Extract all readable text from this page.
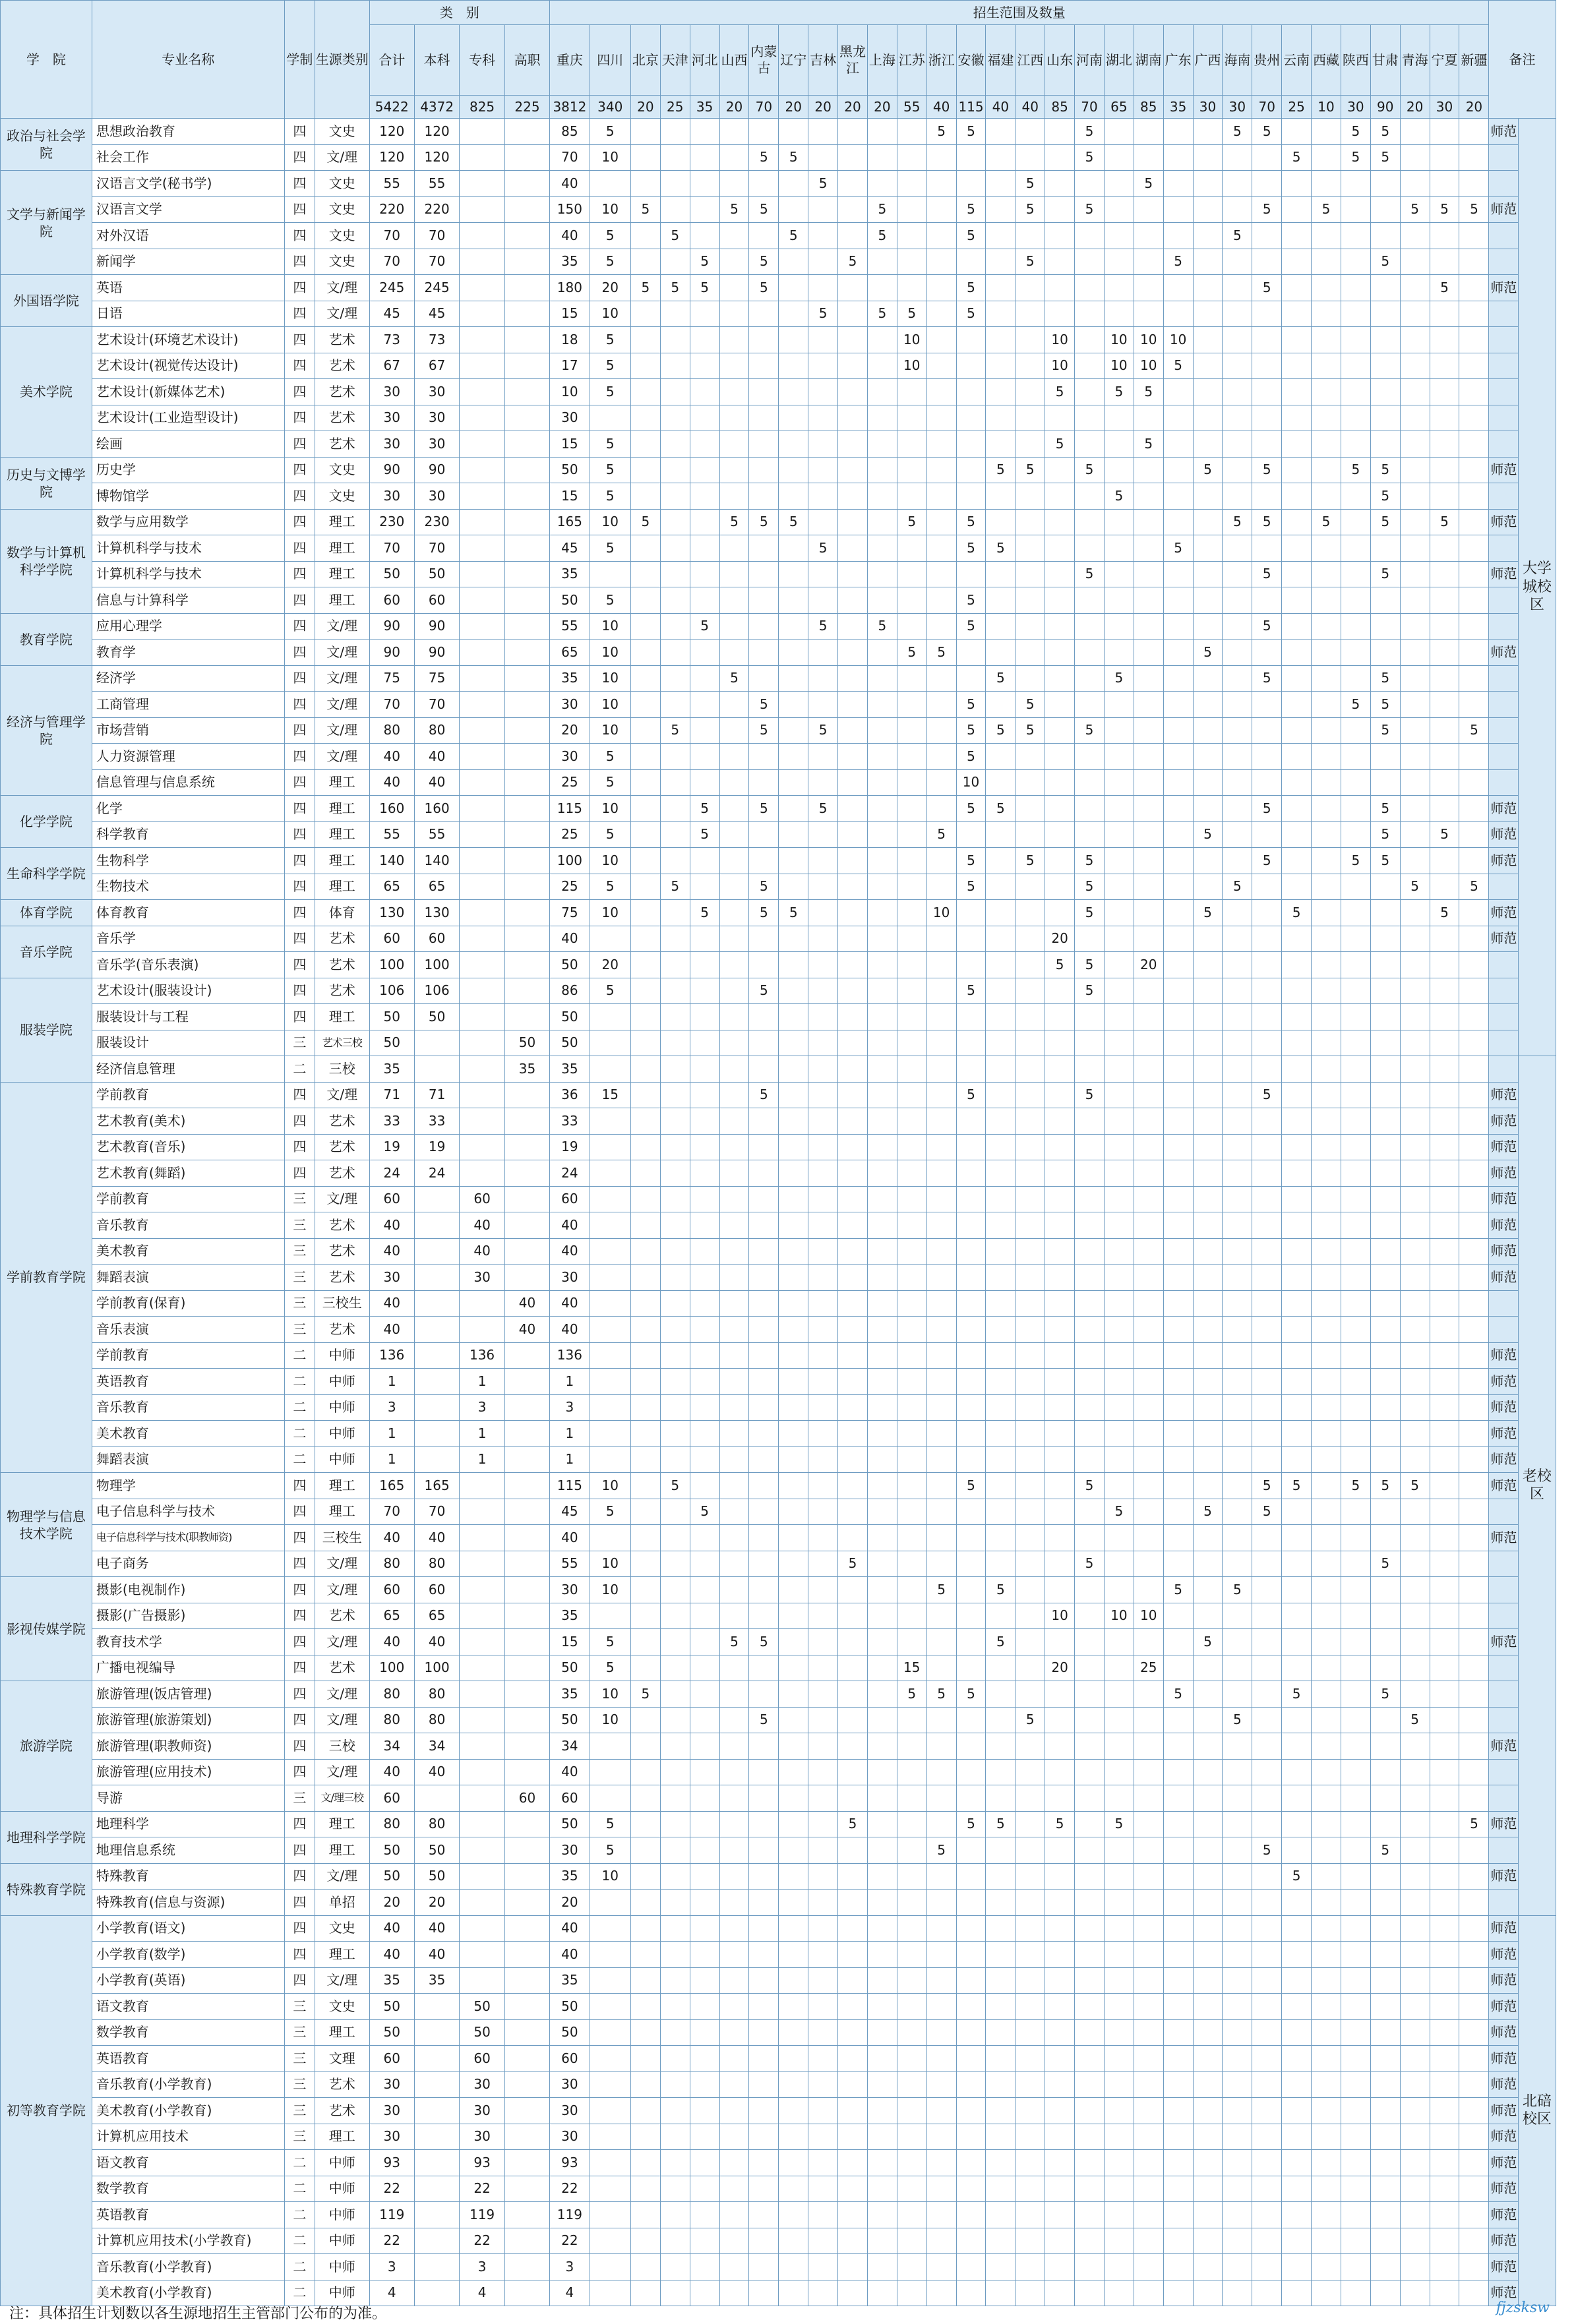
学　院	专业名称	学制	生源类别	类　别				招生范围及数量																															备注	
				合计	本科	专科	高职	重庆	四川	北京	天津	河北	山西	内蒙古	辽宁	吉林	黑龙江	上海	江苏	浙江	安徽	福建	江西	山东	河南	湖北	湖南	广东	广西	海南	贵州	云南	西藏	陕西	甘肃	青海	宁夏	新疆		
				5422	4372	825	225	3812	340	20	25	35	20	70	20	20	20	20	55	40	115	40	40	85	70	65	85	35	30	30	70	25	10	30	90	20	30	20		
政治与社会学院	思想政治教育	四	文史	120	120			85	5											5	5				5					5	5			5	5				师范	大学城校区
	社会工作	四	文/理	120	120			70	10					5	5										5							5		5	5					
文学与新闻学院	汉语言文学(秘书学)	四	文史	55	55			40								5							5				5													
	汉语言文学	四	文史	220	220			150	10	5			5	5				5			5		5		5						5		5			5	5	5	师范	
	对外汉语	四	文史	70	70			40	5		5				5			5			5									5										
	新闻学	四	文史	70	70			35	5			5		5			5						5					5							5					
外国语学院	英语	四	文/理	245	245			180	20	5	5	5		5							5										5						5		师范	
	日语	四	文/理	45	45			15	10							5		5	5		5																			
美术学院	艺术设计(环境艺术设计)	四	艺术	73	73			18	5										10					10		10	10	10												
	艺术设计(视觉传达设计)	四	艺术	67	67			17	5										10					10		10	10	5												
	艺术设计(新媒体艺术)	四	艺术	30	30			10	5															5		5	5													
	艺术设计(工业造型设计)	四	艺术	30	30			30																																
	绘画	四	艺术	30	30			15	5															5			5													
历史与文博学院	历史学	四	文史	90	90			50	5													5	5		5				5		5			5	5				师范	
	博物馆学	四	文史	30	30			15	5																	5									5					
数学与计算机科学学院	数学与应用数学	四	理工	230	230			165	10	5			5	5	5				5		5									5	5		5		5		5		师范	
	计算机科学与技术	四	理工	70	70			45	5							5					5	5						5												
	计算机科学与技术	四	理工	50	50			35																	5						5				5				师范	
	信息与计算科学	四	理工	60	60			50	5												5																			
教育学院	应用心理学	四	文/理	90	90			55	10			5				5		5			5										5									
	教育学	四	文/理	90	90			65	10										5	5									5										师范	
经济与管理学院	经济学	四	文/理	75	75			35	10				5									5				5					5				5					
	工商管理	四	文/理	70	70			30	10					5							5		5											5	5					
	市场营销	四	文/理	80	80			20	10		5			5		5					5	5	5		5										5			5		
	人力资源管理	四	文/理	40	40			30	5												5																			
	信息管理与信息系统	四	理工	40	40			25	5												10																			
化学学院	化学	四	理工	160	160			115	10			5		5		5					5	5									5				5				师范	
	科学教育	四	理工	55	55			25	5			5								5									5						5		5		师范	
生命科学学院	生物科学	四	理工	140	140			100	10												5		5		5						5			5	5				师范	
	生物技术	四	理工	65	65			25	5		5			5							5				5					5						5		5		
体育学院	体育教育	四	体育	130	130			75	10			5		5	5					10					5				5			5					5		师范	
音乐学院	音乐学	四	艺术	60	60			40																20															师范	
	音乐学(音乐表演)	四	艺术	100	100			50	20															5	5		20													
服装学院	艺术设计(服装设计)	四	艺术	106	106			86	5					5							5				5															
	服装设计与工程	四	理工	50	50			50																																
	服装设计	三	艺术三校	50			50	50																																
	经济信息管理	二	三校	35			35	35																																老校区
学前教育学院	学前教育	四	文/理	71	71			36	15					5							5				5						5								师范	
	艺术教育(美术)	四	艺术	33	33			33																															师范	
	艺术教育(音乐)	四	艺术	19	19			19																															师范	
	艺术教育(舞蹈)	四	艺术	24	24			24																															师范	
	学前教育	三	文/理	60		60		60																															师范	
	音乐教育	三	艺术	40		40		40																															师范	
	美术教育	三	艺术	40		40		40																															师范	
	舞蹈表演	三	艺术	30		30		30																															师范	
	学前教育(保育)	三	三校生	40			40	40																																
	音乐表演	三	艺术	40			40	40																																
	学前教育	二	中师	136		136		136																															师范	
	英语教育	二	中师	1		1		1																															师范	
	音乐教育	二	中师	3		3		3																															师范	
	美术教育	二	中师	1		1		1																															师范	
	舞蹈表演	二	中师	1		1		1																															师范	
物理学与信息技术学院	物理学	四	理工	165	165			115	10		5										5				5						5	5		5	5	5			师范	
	电子信息科学与技术	四	理工	70	70			45	5			5														5			5		5									
	电子信息科学与技术(职教师资)	四	三校生	40	40			40																															师范	
	电子商务	四	文/理	80	80			55	10								5								5										5					
影视传媒学院	摄影(电视制作)	四	文/理	60	60			30	10											5		5						5		5										
	摄影(广告摄影)	四	艺术	65	65			35																10		10	10													
	教育技术学	四	文/理	40	40			15	5				5	5								5							5										师范	
	广播电视编导	四	艺术	100	100			50	5										15					20			25													
旅游学院	旅游管理(饭店管理)	四	文/理	80	80			35	10	5									5	5	5							5				5			5					
	旅游管理(旅游策划)	四	文/理	80	80			50	10					5									5							5						5				
	旅游管理(职教师资)	四	三校	34	34			34																															师范	
	旅游管理(应用技术)	四	文/理	40	40			40																																
	导游	三	文/理三校	60			60	60																																
地理科学学院	地理科学	四	理工	80	80			50	5								5				5	5		5		5												5	师范	
	地理信息系统	四	理工	50	50			30	5											5											5				5					
特殊教育学院	特殊教育	四	文/理	50	50			35	10																							5							师范	
	特殊教育(信息与资源)	四	单招	20	20			20																																
初等教育学院	小学教育(语文)	四	文史	40	40			40																															师范	北碚校区
	小学教育(数学)	四	理工	40	40			40																															师范	
	小学教育(英语)	四	文/理	35	35			35																															师范	
	语文教育	三	文史	50		50		50																															师范	
	数学教育	三	理工	50		50		50																															师范	
	英语教育	三	文理	60		60		60																															师范	
	音乐教育(小学教育)	三	艺术	30		30		30																															师范	
	美术教育(小学教育)	三	艺术	30		30		30																															师范	
	计算机应用技术	三	理工	30		30		30																															师范	
	语文教育	二	中师	93		93		93																															师范	
	数学教育	二	中师	22		22		22																															师范	
	英语教育	二	中师	119		119		119																															师范	
	计算机应用技术(小学教育)	二	中师	22		22		22																															师范	
	音乐教育(小学教育)	二	中师	3		3		3																															师范	
	美术教育(小学教育)	二	中师	4		4		4																															师范	
注：具体招生计划数以各生源地招生主管部门公布的为准。	fjzsksw
